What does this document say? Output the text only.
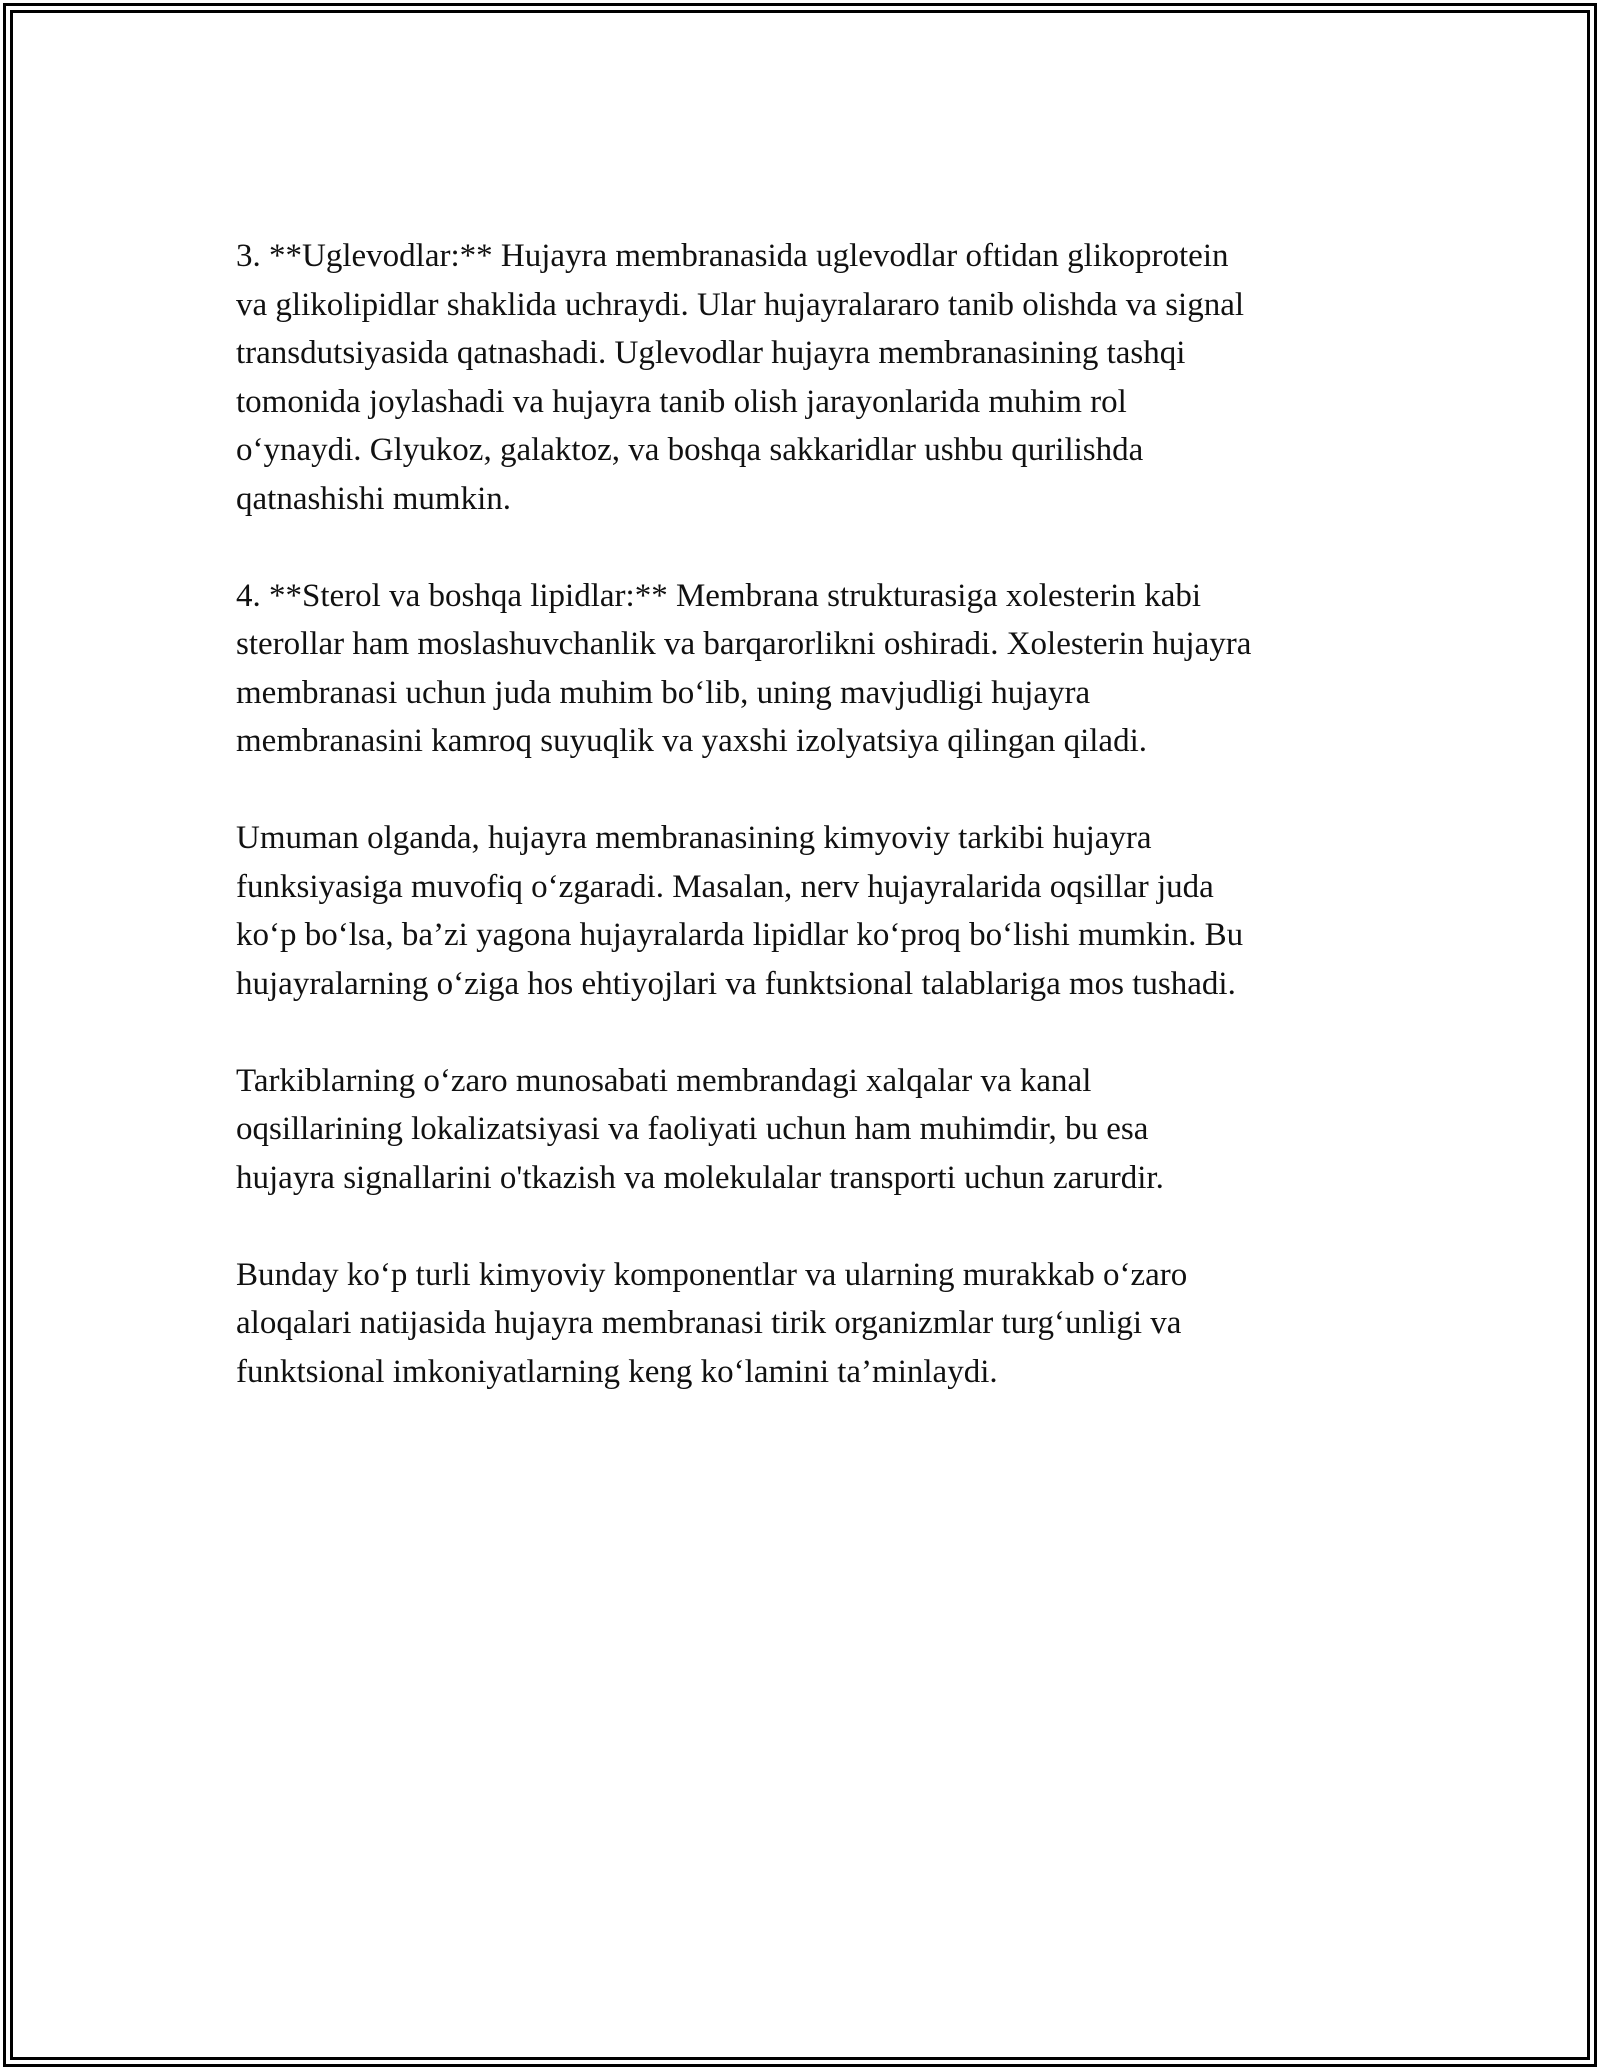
3. **Uglevodlar:** Hujayra membranasida uglevodlar oftidan glikoprotein
va glikolipidlar shaklida uchraydi. Ular hujayralararo tanib olishda va signal
transdutsiyasida qatnashadi. Uglevodlar hujayra membranasining tashqi
tomonida joylashadi va hujayra tanib olish jarayonlarida muhim rol
o‘ynaydi. Glyukoz, galaktoz, va boshqa sakkaridlar ushbu qurilishda
qatnashishi mumkin.

4. **Sterol va boshqa lipidlar:** Membrana strukturasiga xolesterin kabi
sterollar ham moslashuvchanlik va barqarorlikni oshiradi. Xolesterin hujayra
membranasi uchun juda muhim bo‘lib, uning mavjudligi hujayra
membranasini kamroq suyuqlik va yaxshi izolyatsiya qilingan qiladi.

Umuman olganda, hujayra membranasining kimyoviy tarkibi hujayra
funksiyasiga muvofiq o‘zgaradi. Masalan, nerv hujayralarida oqsillar juda
ko‘p bo‘lsa, ba’zi yagona hujayralarda lipidlar ko‘proq bo‘lishi mumkin. Bu
hujayralarning o‘ziga hos ehtiyojlari va funktsional talablariga mos tushadi.

Tarkiblarning o‘zaro munosabati membrandagi xalqalar va kanal
oqsillarining lokalizatsiyasi va faoliyati uchun ham muhimdir, bu esa
hujayra signallarini o'tkazish va molekulalar transporti uchun zarurdir.

Bunday ko‘p turli kimyoviy komponentlar va ularning murakkab o‘zaro
aloqalari natijasida hujayra membranasi tirik organizmlar turg‘unligi va
funktsional imkoniyatlarning keng ko‘lamini ta’minlaydi.
